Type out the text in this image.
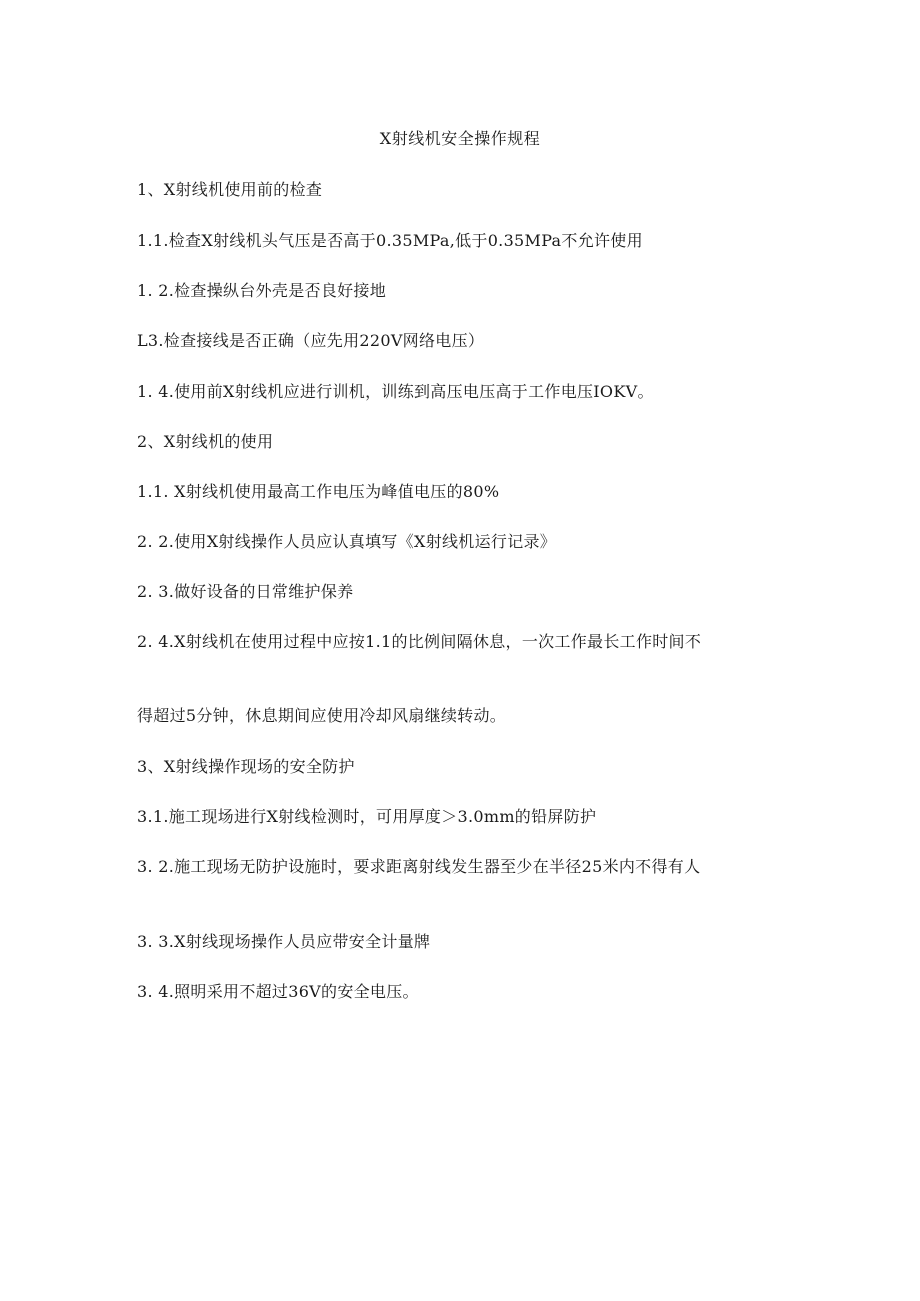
X射线机安全操作规程
1、X射线机使用前的检查
1.1.检查X射线机头气压是否高于0.35MPa,低于0.35MPa不允许使用
1. 2.检查操纵台外壳是否良好接地
L3.检查接线是否正确（应先用220V网络电压）
1. 4.使用前X射线机应进行训机，训练到高压电压高于工作电压IOKV。
2、X射线机的使用
1.1. X射线机使用最高工作电压为峰值电压的80%
2. 2.使用X射线操作人员应认真填写《X射线机运行记录》
2. 3.做好设备的日常维护保养
2. 4.X射线机在使用过程中应按1.1的比例间隔休息，一次工作最长工作时间不
得超过5分钟，休息期间应使用冷却风扇继续转动。
3、X射线操作现场的安全防护
3.1.施工现场进行X射线检测时，可用厚度＞3.0mm的铅屏防护
3. 2.施工现场无防护设施时，要求距离射线发生器至少在半径25米内不得有人
3. 3.X射线现场操作人员应带安全计量牌
3. 4.照明采用不超过36V的安全电压。
